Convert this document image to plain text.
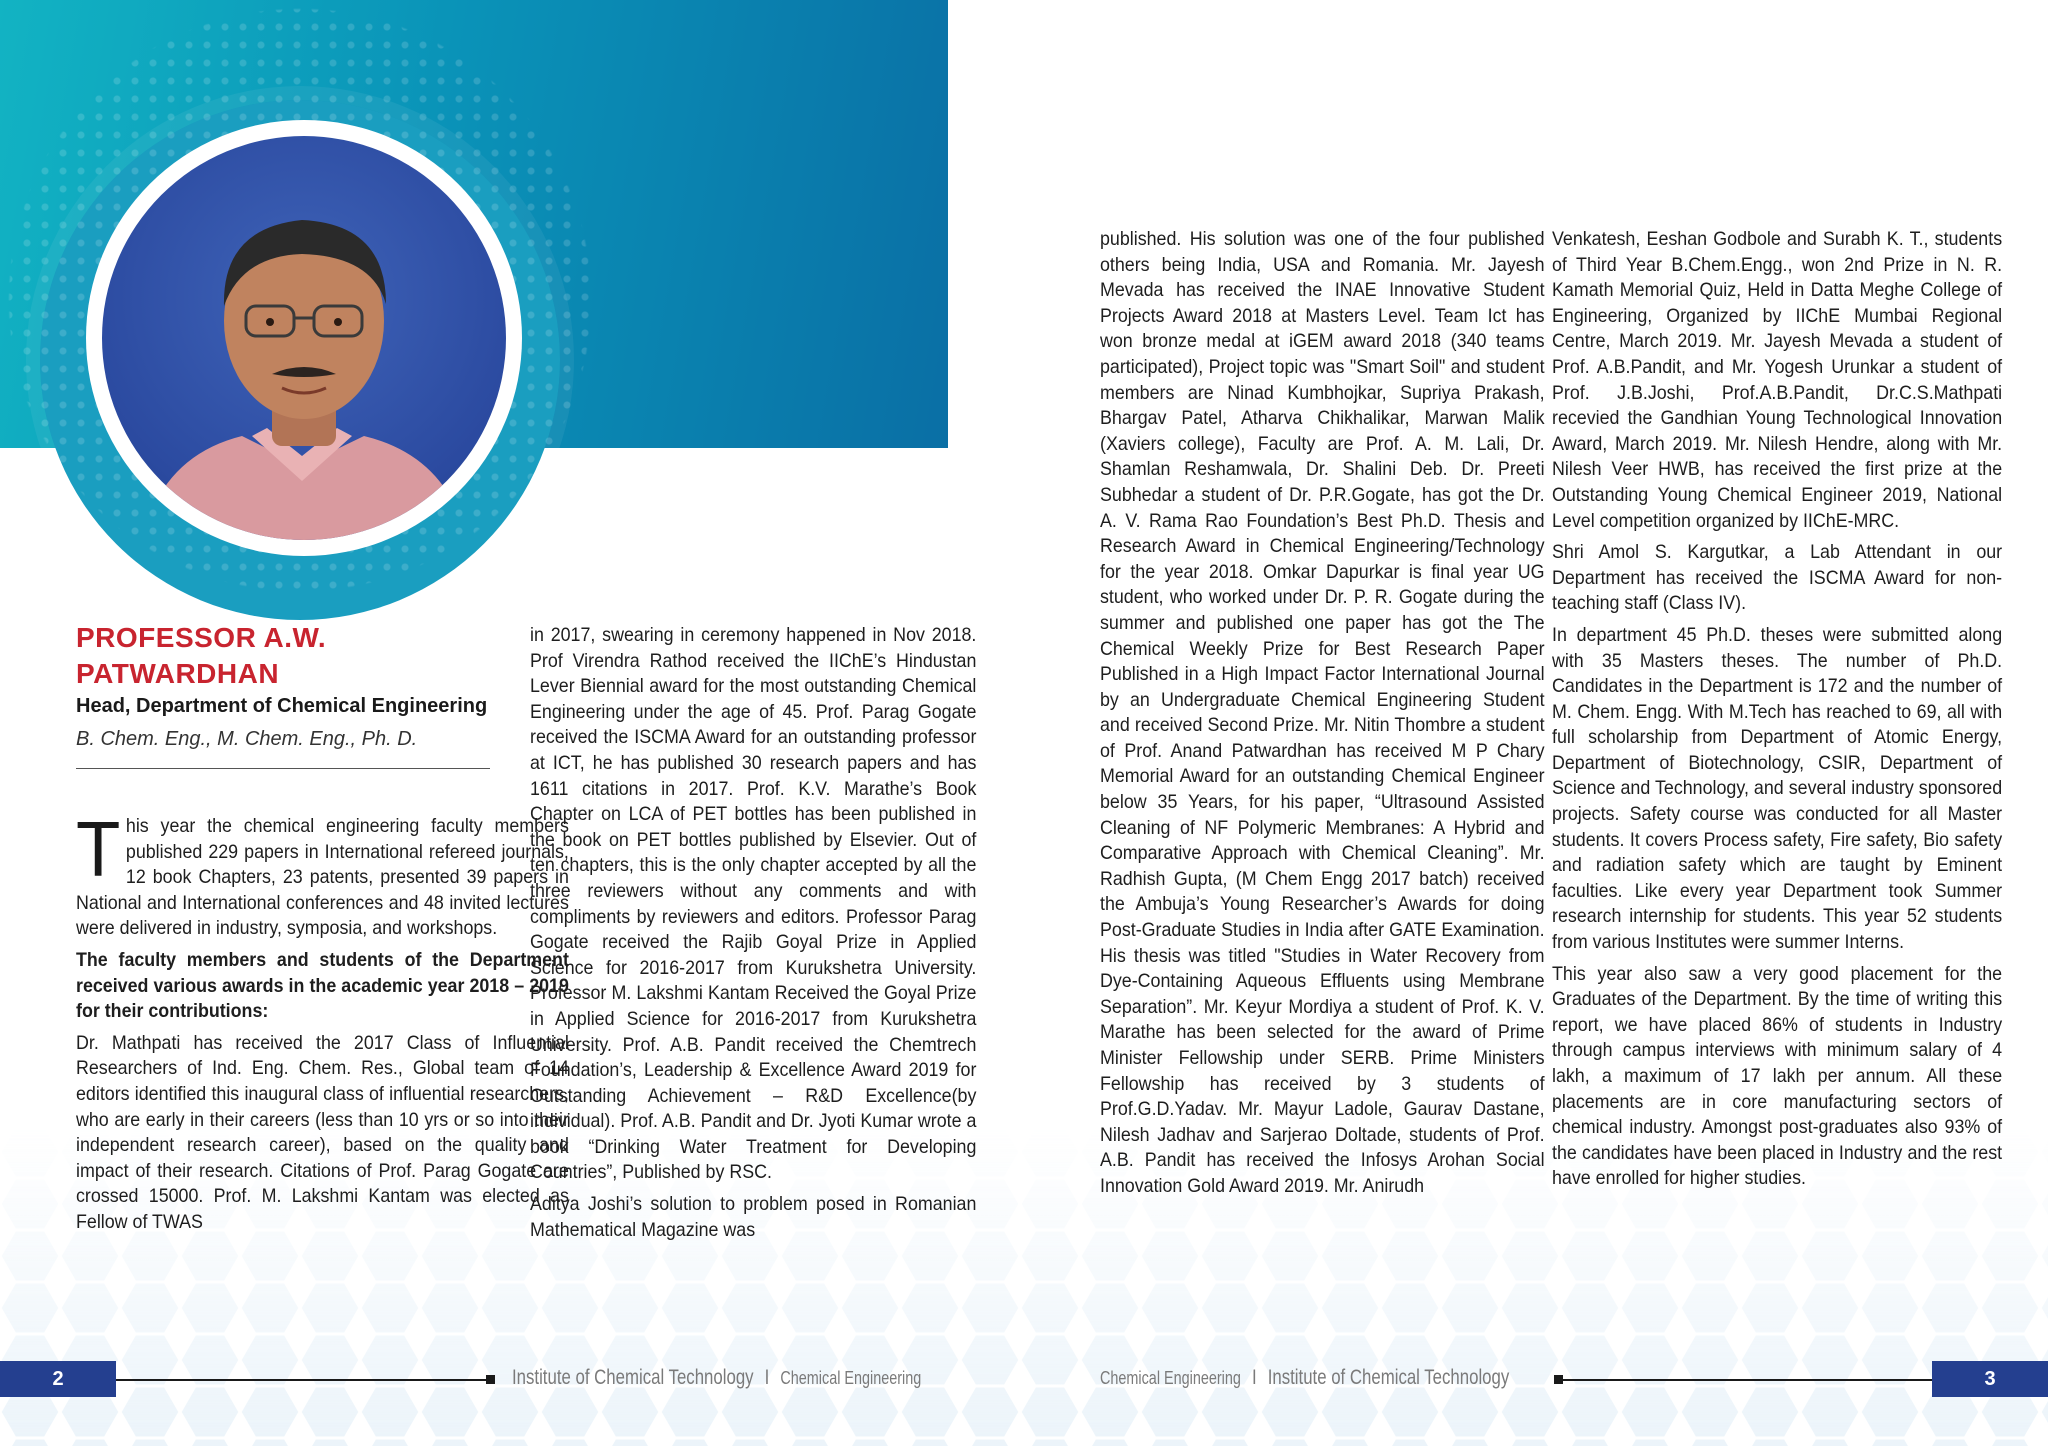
PROFESSOR A.W.
PATWARDHAN
Head, Department of Chemical Engineering
B. Chem. Eng., M. Chem. Eng., Ph. D.

This year the chemical engineering faculty members published 229 papers in International refereed journals, 12 book Chapters, 23 patents, presented 39 papers in National and International conferences and 48 invited lectures were delivered in industry, symposia, and workshops.

The faculty members and students of the Department received various awards in the academic year 2018 – 2019 for their contributions:

Dr. Mathpati has received the 2017 Class of Influential Researchers of Ind. Eng. Chem. Res., Global team of 14 editors identified this inaugural class of influential researchers, who are early in their careers (less than 10 yrs or so into their independent research career), based on the quality and impact of their research. Citations of Prof. Parag Gogate are crossed 15000. Prof. M. Lakshmi Kantam was elected as Fellow of TWAS

in 2017, swearing in ceremony happened in Nov 2018. Prof Virendra Rathod received the IIChE’s Hindustan Lever Biennial award for the most outstanding Chemical Engineering under the age of 45. Prof. Parag Gogate received the ISCMA Award for an outstanding professor at ICT, he has published 30 research papers and has 1611 citations in 2017. Prof. K.V. Marathe’s Book Chapter on LCA of PET bottles has been published in the book on PET bottles published by Elsevier. Out of ten chapters, this is the only chapter accepted by all the three reviewers without any comments and with compliments by reviewers and editors. Professor Parag Gogate received the Rajib Goyal Prize in Applied Science for 2016-2017 from Kurukshetra University. Professor M. Lakshmi Kantam Received the Goyal Prize in Applied Science for 2016-2017 from Kurukshetra University. Prof. A.B. Pandit received the Chemtrech Foundation’s, Leadership & Excellence Award 2019 for Outstanding Achievement – R&D Excellence(by individual). Prof. A.B. Pandit and Dr. Jyoti Kumar wrote a book “Drinking Water Treatment for Developing Countries”, Published by RSC.

Aditya Joshi’s solution to problem posed in Romanian Mathematical Magazine was

published. His solution was one of the four published others being India, USA and Romania. Mr. Jayesh Mevada has received the INAE Innovative Student Projects Award 2018 at Masters Level. Team Ict has won bronze medal at iGEM award 2018 (340 teams participated), Project topic was "Smart Soil" and student members are Ninad Kumbhojkar, Supriya Prakash, Bhargav Patel, Atharva Chikhalikar, Marwan Malik (Xaviers college), Faculty are Prof. A. M. Lali, Dr. Shamlan Reshamwala, Dr. Shalini Deb. Dr. Preeti Subhedar a student of Dr. P.R.Gogate, has got the Dr. A. V. Rama Rao Foundation’s Best Ph.D. Thesis and Research Award in Chemical Engineering/Technology for the year 2018. Omkar Dapurkar is final year UG student, who worked under Dr. P. R. Gogate during the summer and published one paper has got the The Chemical Weekly Prize for Best Research Paper Published in a High Impact Factor International Journal by an Undergraduate Chemical Engineering Student and received Second Prize. Mr. Nitin Thombre a student of Prof. Anand Patwardhan has received M P Chary Memorial Award for an outstanding Chemical Engineer below 35 Years, for his paper, “Ultrasound Assisted Cleaning of NF Polymeric Membranes: A Hybrid and Comparative Approach with Chemical Cleaning”. Mr. Radhish Gupta, (M Chem Engg 2017 batch) received the Ambuja’s Young Researcher’s Awards for doing Post-Graduate Studies in India after GATE Examination. His thesis was titled "Studies in Water Recovery from Dye-Containing Aqueous Effluents using Membrane Separation”. Mr. Keyur Mordiya a student of Prof. K. V. Marathe has been selected for the award of Prime Minister Fellowship under SERB. Prime Ministers Fellowship has received by 3 students of Prof.G.D.Yadav. Mr. Mayur Ladole, Gaurav Dastane, Nilesh Jadhav and Sarjerao Doltade, students of Prof. A.B. Pandit has received the Infosys Arohan Social Innovation Gold Award 2019. Mr. Anirudh

Venkatesh, Eeshan Godbole and Surabh K. T., students of Third Year B.Chem.Engg., won 2nd Prize in N. R. Kamath Memorial Quiz, Held in Datta Meghe College of Engineering, Organized by IIChE Mumbai Regional Centre, March 2019. Mr. Jayesh Mevada a student of Prof. A.B.Pandit, and Mr. Yogesh Urunkar a student of Prof. J.B.Joshi, Prof.A.B.Pandit, Dr.C.S.Mathpati recevied the Gandhian Young Technological Innovation Award, March 2019. Mr. Nilesh Hendre, along with Mr. Nilesh Veer HWB, has received the first prize at the Outstanding Young Chemical Engineer 2019, National Level competition organized by IIChE-MRC.

Shri Amol S. Kargutkar, a Lab Attendant in our Department has received the ISCMA Award for non-teaching staff (Class IV).

In department 45 Ph.D. theses were submitted along with 35 Masters theses. The number of Ph.D. Candidates in the Department is 172 and the number of M. Chem. Engg. With M.Tech has reached to 69, all with full scholarship from Department of Atomic Energy, Department of Biotechnology, CSIR, Department of Science and Technology, and several industry sponsored projects. Safety course was conducted for all Master students. It covers Process safety, Fire safety, Bio safety and radiation safety which are taught by Eminent faculties. Like every year Department took Summer research internship for students. This year 52 students from various Institutes were summer Interns.

This year also saw a very good placement for the Graduates of the Department. By the time of writing this report, we have placed 86% of students in Industry through campus interviews with minimum salary of 4 lakh, a maximum of 17 lakh per annum. All these placements are in core manufacturing sectors of chemical industry. Amongst post-graduates also 93% of the candidates have been placed in Industry and the rest have enrolled for higher studies.

2	Institute of Chemical Technology I Chemical Engineering	Chemical Engineering I Institute of Chemical Technology	3
